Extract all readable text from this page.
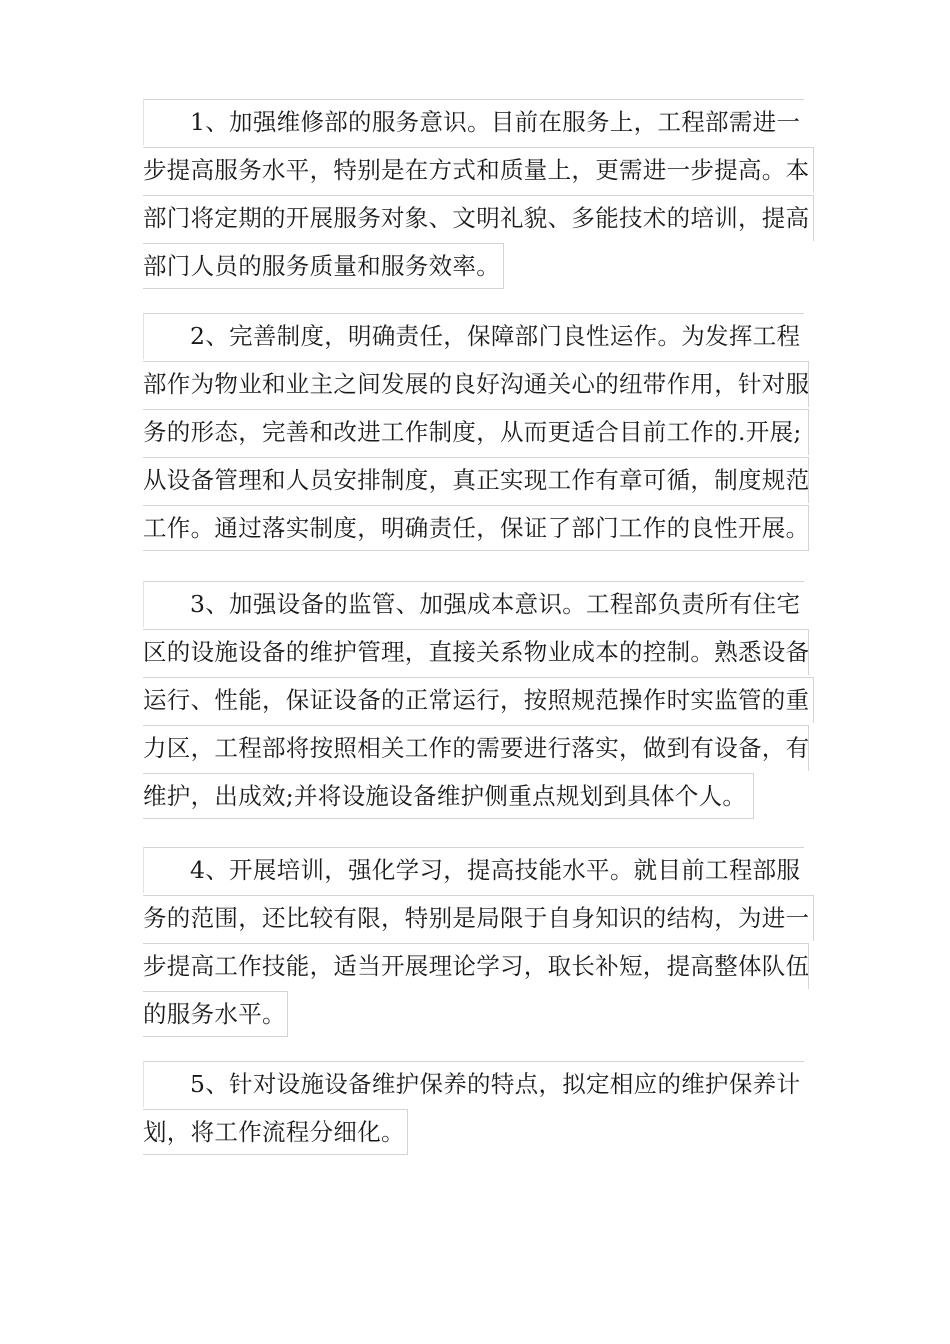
1、加强维修部的服务意识。目前在服务上，工程部需进一
步提高服务水平，特别是在方式和质量上，更需进一步提高。本
部门将定期的开展服务对象、文明礼貌、多能技术的培训，提高
部门人员的服务质量和服务效率。
2、完善制度，明确责任，保障部门良性运作。为发挥工程
部作为物业和业主之间发展的良好沟通关心的纽带作用，针对服
务的形态，完善和改进工作制度，从而更适合目前工作的.开展;
从设备管理和人员安排制度，真正实现工作有章可循，制度规范
工作。通过落实制度，明确责任，保证了部门工作的良性开展。
3、加强设备的监管、加强成本意识。工程部负责所有住宅
区的设施设备的维护管理，直接关系物业成本的控制。熟悉设备
运行、性能，保证设备的正常运行，按照规范操作时实监管的重
力区，工程部将按照相关工作的需要进行落实，做到有设备，有
维护，出成效;并将设施设备维护侧重点规划到具体个人。
4、开展培训，强化学习，提高技能水平。就目前工程部服
务的范围，还比较有限，特别是局限于自身知识的结构，为进一
步提高工作技能，适当开展理论学习，取长补短，提高整体队伍
的服务水平。
5、针对设施设备维护保养的特点，拟定相应的维护保养计
划，将工作流程分细化。
